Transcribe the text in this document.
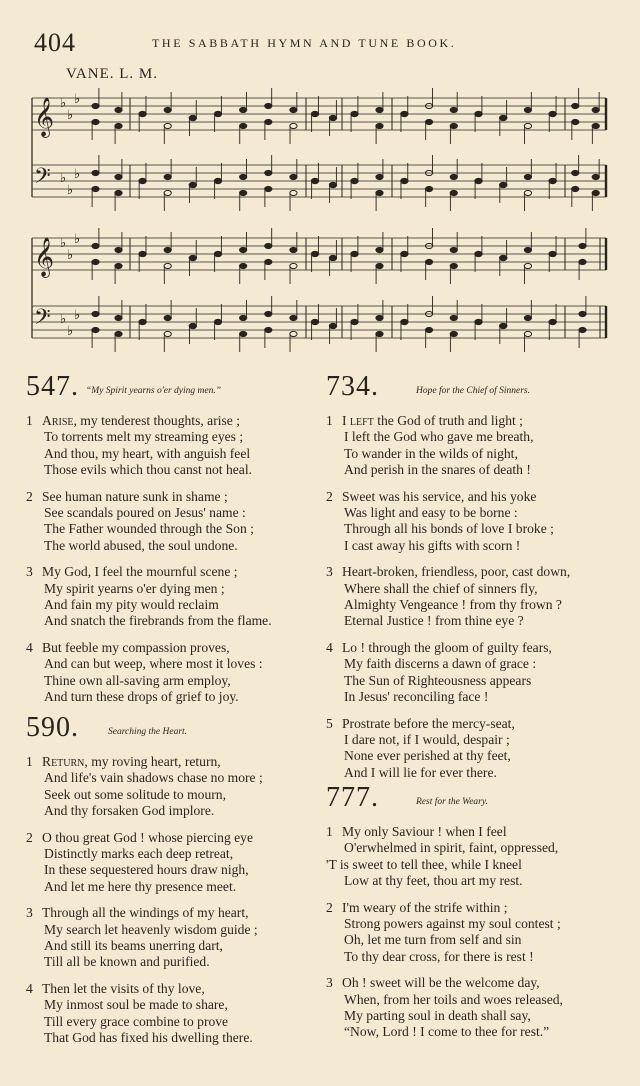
404	THE SABBATH HYMN AND TUNE BOOK.
VANE. L. M.
𝄞 ♭
♭
♭
𝄢 ♭
♭
♭
𝄞 ♭
♭
♭
𝄢 ♭
♭
♭
547. “My Spirit yearns o'er dying men.”
1 Arise, my tenderest thoughts, arise ;
To torrents melt my streaming eyes ;
And thou, my heart, with anguish feel
Those evils which thou canst not heal.
2 See human nature sunk in shame ;
See scandals poured on Jesus' name :
The Father wounded through the Son ;
The world abused, the soul undone.
3 My God, I feel the mournful scene ;
My spirit yearns o'er dying men ;
And fain my pity would reclaim
And snatch the firebrands from the flame.
4 But feeble my compassion proves,
And can but weep, where most it loves :
Thine own all-saving arm employ,
And turn these drops of grief to joy.
590.	Searching the Heart.
1 Return, my roving heart, return,
And life's vain shadows chase no more ;
Seek out some solitude to mourn,
And thy forsaken God implore.
2 O thou great God ! whose piercing eye
Distinctly marks each deep retreat,
In these sequestered hours draw nigh,
And let me here thy presence meet.
3 Through all the windings of my heart,
My search let heavenly wisdom guide ;
And still its beams unerring dart,
Till all be known and purified.
4 Then let the visits of thy love,
My inmost soul be made to share,
Till every grace combine to prove
That God has fixed his dwelling there.
734.	Hope for the Chief of Sinners.
1 I left the God of truth and light ;
I left the God who gave me breath,
To wander in the wilds of night,
And perish in the snares of death !
2 Sweet was his service, and his yoke
Was light and easy to be borne :
Through all his bonds of love I broke ;
I cast away his gifts with scorn !
3 Heart-broken, friendless, poor, cast down,
Where shall the chief of sinners fly,
Almighty Vengeance ! from thy frown ?
Eternal Justice ! from thine eye ?
4 Lo ! through the gloom of guilty fears,
My faith discerns a dawn of grace :
The Sun of Righteousness appears
In Jesus' reconciling face !
5 Prostrate before the mercy-seat,
I dare not, if I would, despair ;
None ever perished at thy feet,
And I will lie for ever there.
777.	Rest for the Weary.
1 My only Saviour ! when I feel
O'erwhelmed in spirit, faint, oppressed,
'T is sweet to tell thee, while I kneel
Low at thy feet, thou art my rest.
2 I'm weary of the strife within ;
Strong powers against my soul contest ;
Oh, let me turn from self and sin
To thy dear cross, for there is rest !
3 Oh ! sweet will be the welcome day,
When, from her toils and woes released,
My parting soul in death shall say,
“Now, Lord ! I come to thee for rest.”
